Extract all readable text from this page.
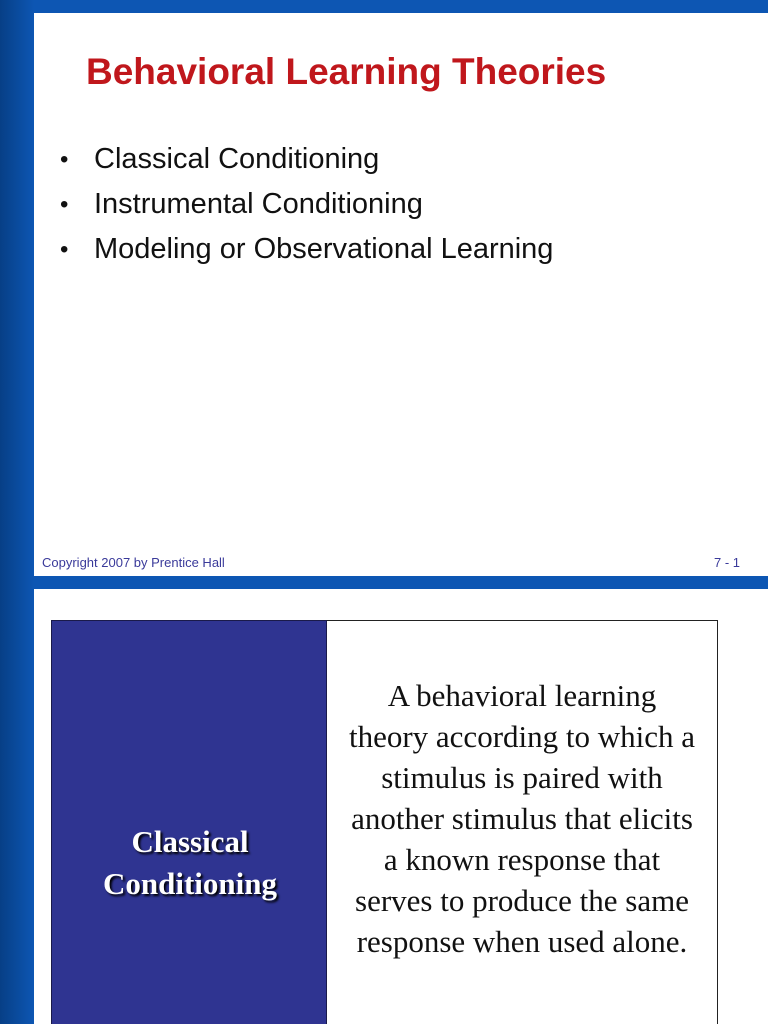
Behavioral Learning Theories
• Classical Conditioning
• Instrumental Conditioning
• Modeling or Observational Learning
Copyright 2007 by Prentice Hall	7 - 1

Classical Conditioning

A behavioral learning theory according to which a stimulus is paired with another stimulus that elicits a known response that serves to produce the same response when used alone.
